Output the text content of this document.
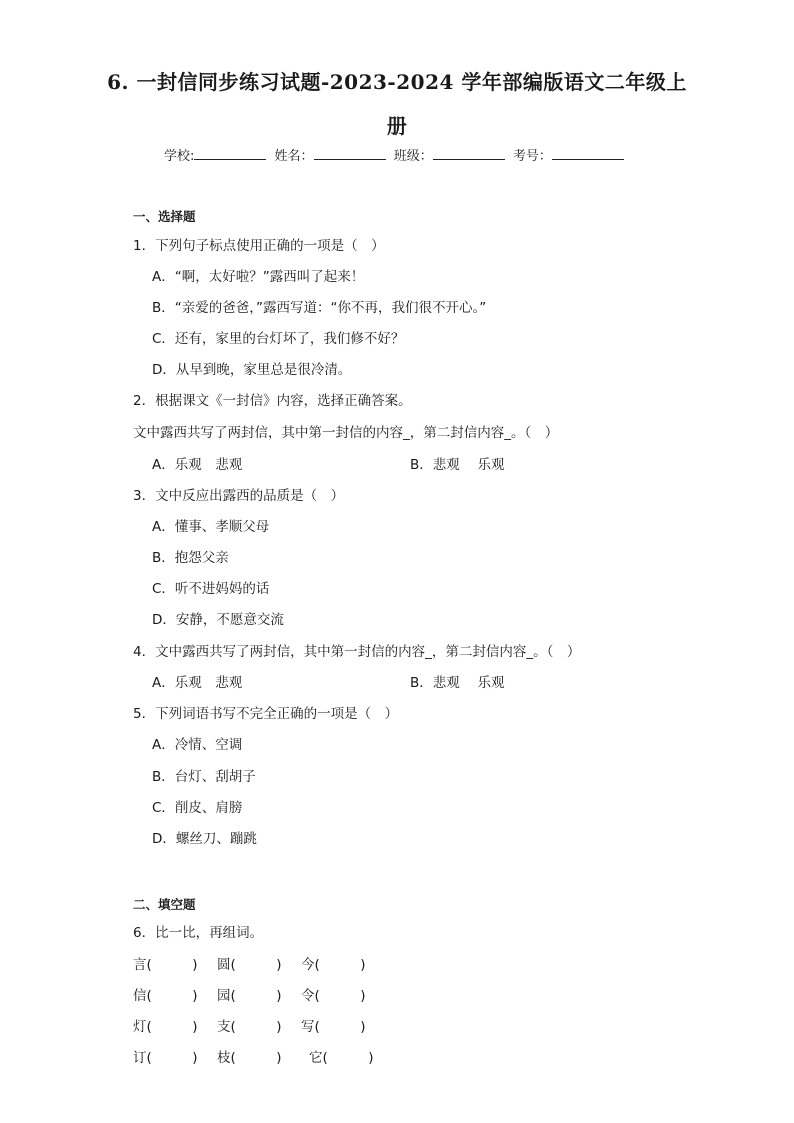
6. 一封信同步练习试题-2023-2024 学年部编版语文二年级上
册
学校:	姓名：	班级：	考号：
一、选择题
1．下列句子标点使用正确的一项是（　）
A．“啊，太好啦？”露西叫了起来！
B．“亲爱的爸爸，”露西写道：“你不再，我们很不开心。”
C．还有，家里的台灯坏了，我们修不好？
D．从早到晚，家里总是很冷清。
2．根据课文《一封信》内容，选择正确答案。
文中露西共写了两封信，其中第一封信的内容_，第二封信内容_。（　）
A．乐观　悲观	B．悲观　 乐观
3．文中反应出露西的品质是（　）
A．懂事、孝顺父母
B．抱怨父亲
C．听不进妈妈的话
D．安静，不愿意交流
4．文中露西共写了两封信，其中第一封信的内容_，第二封信内容_。（　）
A．乐观　悲观	B．悲观　 乐观
5．下列词语书写不完全正确的一项是（　）
A．冷情、空调
B．台灯、刮胡子
C．削皮、肩膀
D．螺丝刀、蹦跳
二、填空题
6．比一比，再组词。
言(　　　) 圆(　　　) 今(　　　)
信(　　　) 园(　　　) 令(　　　)
灯(　　　) 支(　　　) 写(　　　)
订(　　　) 枝(　　　) 它(　　　)
